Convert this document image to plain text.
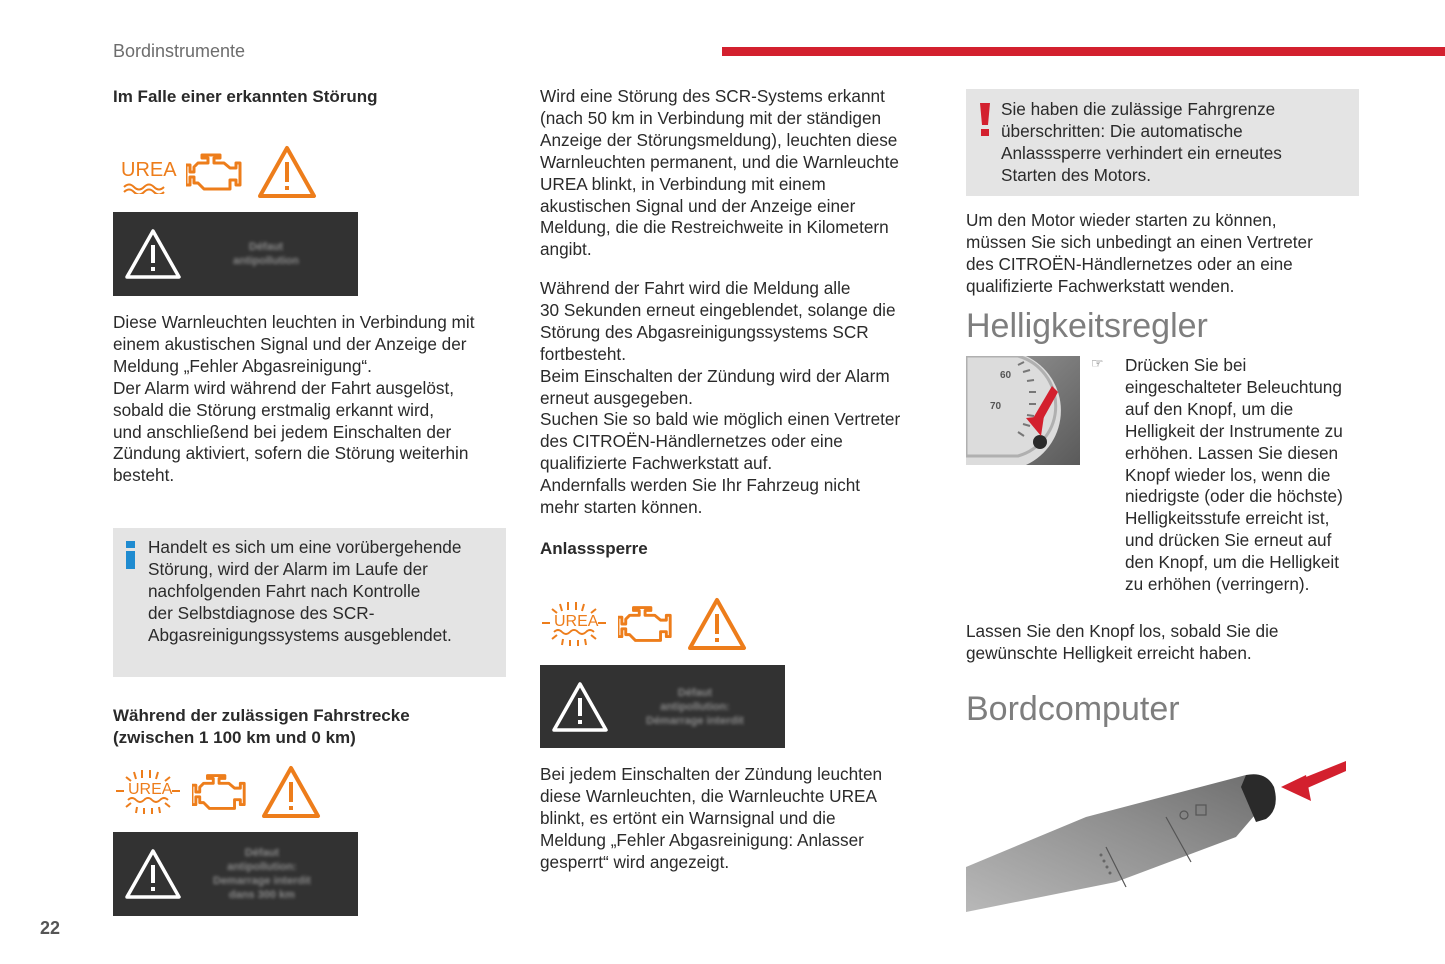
Bordinstrumente
Im Falle einer erkannten Störung
UREA
Défaut
antipollution
Diese Warnleuchten leuchten in Verbindung mit
einem akustischen Signal und der Anzeige der
Meldung „Fehler Abgasreinigung“.
Der Alarm wird während der Fahrt ausgelöst,
sobald die Störung erstmalig erkannt wird,
und anschließend bei jedem Einschalten der
Zündung aktiviert, sofern die Störung weiterhin
besteht.
Handelt es sich um eine vorübergehende
Störung, wird der Alarm im Laufe der
nachfolgenden Fahrt nach Kontrolle
der Selbstdiagnose des SCR-
Abgasreinigungssystems ausgeblendet.
Während der zulässigen Fahrstrecke
(zwischen 1 100 km und 0 km)
UREA
Défaut
antipollution:
Demarrage interdit
dans 300 km
22
Wird eine Störung des SCR-Systems erkannt
(nach 50 km in Verbindung mit der ständigen
Anzeige der Störungsmeldung), leuchten diese
Warnleuchten permanent, und die Warnleuchte
UREA blinkt, in Verbindung mit einem
akustischen Signal und der Anzeige einer
Meldung, die die Restreichweite in Kilometern
angibt.
Während der Fahrt wird die Meldung alle
30 Sekunden erneut eingeblendet, solange die
Störung des Abgasreinigungssystems SCR
fortbesteht.
Beim Einschalten der Zündung wird der Alarm
erneut ausgegeben.
Suchen Sie so bald wie möglich einen Vertreter
des CITROËN-Händlernetzes oder eine
qualifizierte Fachwerkstatt auf.
Andernfalls werden Sie Ihr Fahrzeug nicht
mehr starten können.
Anlasssperre
UREA
Défaut
antipollution:
Démarrage interdit
Bei jedem Einschalten der Zündung leuchten
diese Warnleuchten, die Warnleuchte UREA
blinkt, es ertönt ein Warnsignal und die
Meldung „Fehler Abgasreinigung: Anlasser
gesperrt“ wird angezeigt.
Sie haben die zulässige Fahrgrenze
überschritten: Die automatische
Anlasssperre verhindert ein erneutes
Starten des Motors.
Um den Motor wieder starten zu können,
müssen Sie sich unbedingt an einen Vertreter
des CITROËN-Händlernetzes oder an eine
qualifizierte Fachwerkstatt wenden.
Helligkeitsregler
60
70
☞ Drücken Sie bei
eingeschalteter Beleuchtung
auf den Knopf, um die
Helligkeit der Instrumente zu
erhöhen. Lassen Sie diesen
Knopf wieder los, wenn die
niedrigste (oder die höchste)
Helligkeitsstufe erreicht ist,
und drücken Sie erneut auf
den Knopf, um die Helligkeit
zu erhöhen (verringern).
Lassen Sie den Knopf los, sobald Sie die
gewünschte Helligkeit erreicht haben.
Bordcomputer
